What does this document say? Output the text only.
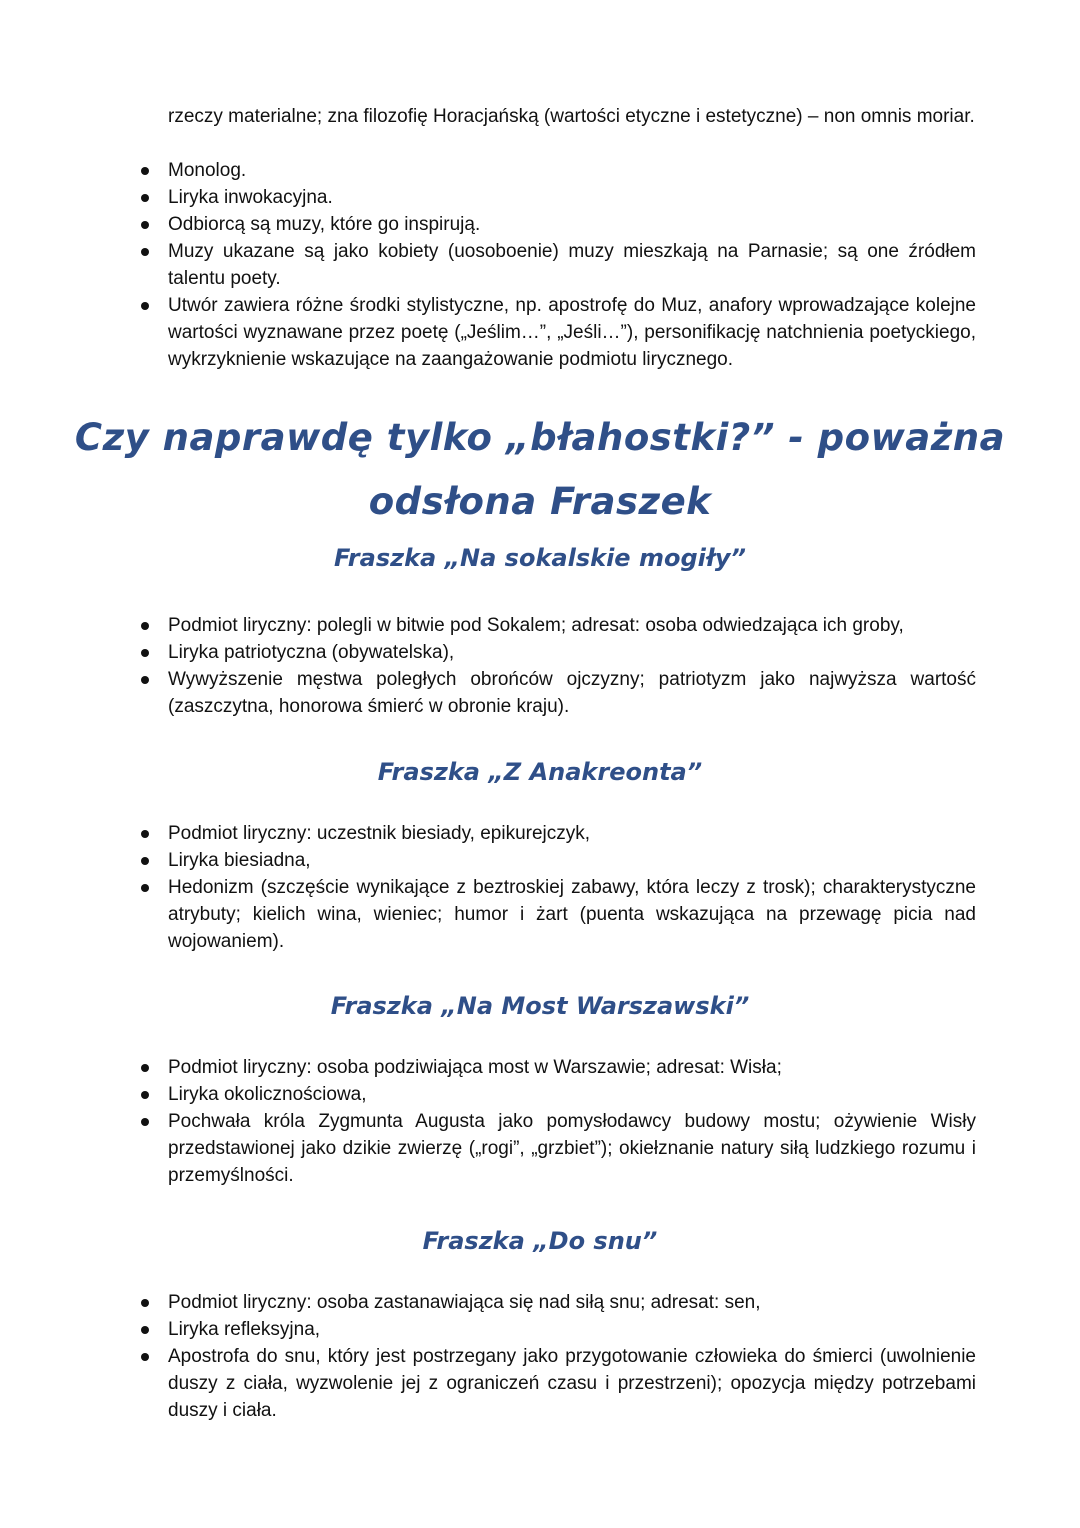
rzeczy materialne; zna filozofię Horacjańską (wartości etyczne i estetyczne) – non omnis moriar.
Monolog.
Liryka inwokacyjna.
Odbiorcą są muzy, które go inspirują.
Muzy ukazane są jako kobiety (uosoboenie) muzy mieszkają na Parnasie; są one źródłem talentu poety.
Utwór zawiera różne środki stylistyczne, np. apostrofę do Muz, anafory wprowadzające kolejne wartości wyznawane przez poetę („Jeślim…”, „Jeśli…”), personifikację natchnienia poetyckiego, wykrzyknienie wskazujące na zaangażowanie podmiotu lirycznego.
Czy naprawdę tylko „błahostki?” - poważna
odsłona Fraszek
Fraszka „Na sokalskie mogiły”
Podmiot liryczny: polegli w bitwie pod Sokalem; adresat: osoba odwiedzająca ich groby,
Liryka patriotyczna (obywatelska),
Wywyższenie męstwa poległych obrońców ojczyzny; patriotyzm jako najwyższa wartość (zaszczytna, honorowa śmierć w obronie kraju).
Fraszka „Z Anakreonta”
Podmiot liryczny: uczestnik biesiady, epikurejczyk,
Liryka biesiadna,
Hedonizm (szczęście wynikające z beztroskiej zabawy, która leczy z trosk); charakterystyczne atrybuty; kielich wina, wieniec; humor i żart (puenta wskazująca na przewagę picia nad wojowaniem).
Fraszka „Na Most Warszawski”
Podmiot liryczny: osoba podziwiająca most w Warszawie; adresat: Wisła;
Liryka okolicznościowa,
Pochwała króla Zygmunta Augusta jako pomysłodawcy budowy mostu; ożywienie Wisły przedstawionej jako dzikie zwierzę („rogi”, „grzbiet”); okiełznanie natury siłą ludzkiego rozumu i przemyślności.
Fraszka „Do snu”
Podmiot liryczny: osoba zastanawiająca się nad siłą snu; adresat: sen,
Liryka refleksyjna,
Apostrofa do snu, który jest postrzegany jako przygotowanie człowieka do śmierci (uwolnienie duszy z ciała, wyzwolenie jej z ograniczeń czasu i przestrzeni); opozycja między potrzebami duszy i ciała.
